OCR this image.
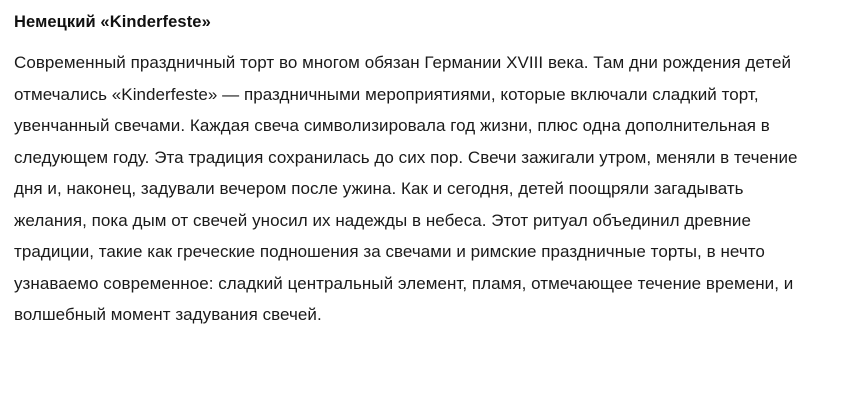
Немецкий «Kinderfeste»

Современный праздничный торт во многом обязан Германии XVIII века. Там дни рождения детей отмечались «Kinderfeste» — праздничными мероприятиями, которые включали сладкий торт, увенчанный свечами. Каждая свеча символизировала год жизни, плюс одна дополнительная в следующем году. Эта традиция сохранилась до сих пор. Свечи зажигали утром, меняли в течение дня и, наконец, задували вечером после ужина. Как и сегодня, детей поощряли загадывать желания, пока дым от свечей уносил их надежды в небеса. Этот ритуал объединил древние традиции, такие как греческие подношения за свечами и римские праздничные торты, в нечто узнаваемо современное: сладкий центральный элемент, пламя, отмечающее течение времени, и волшебный момент задувания свечей.
